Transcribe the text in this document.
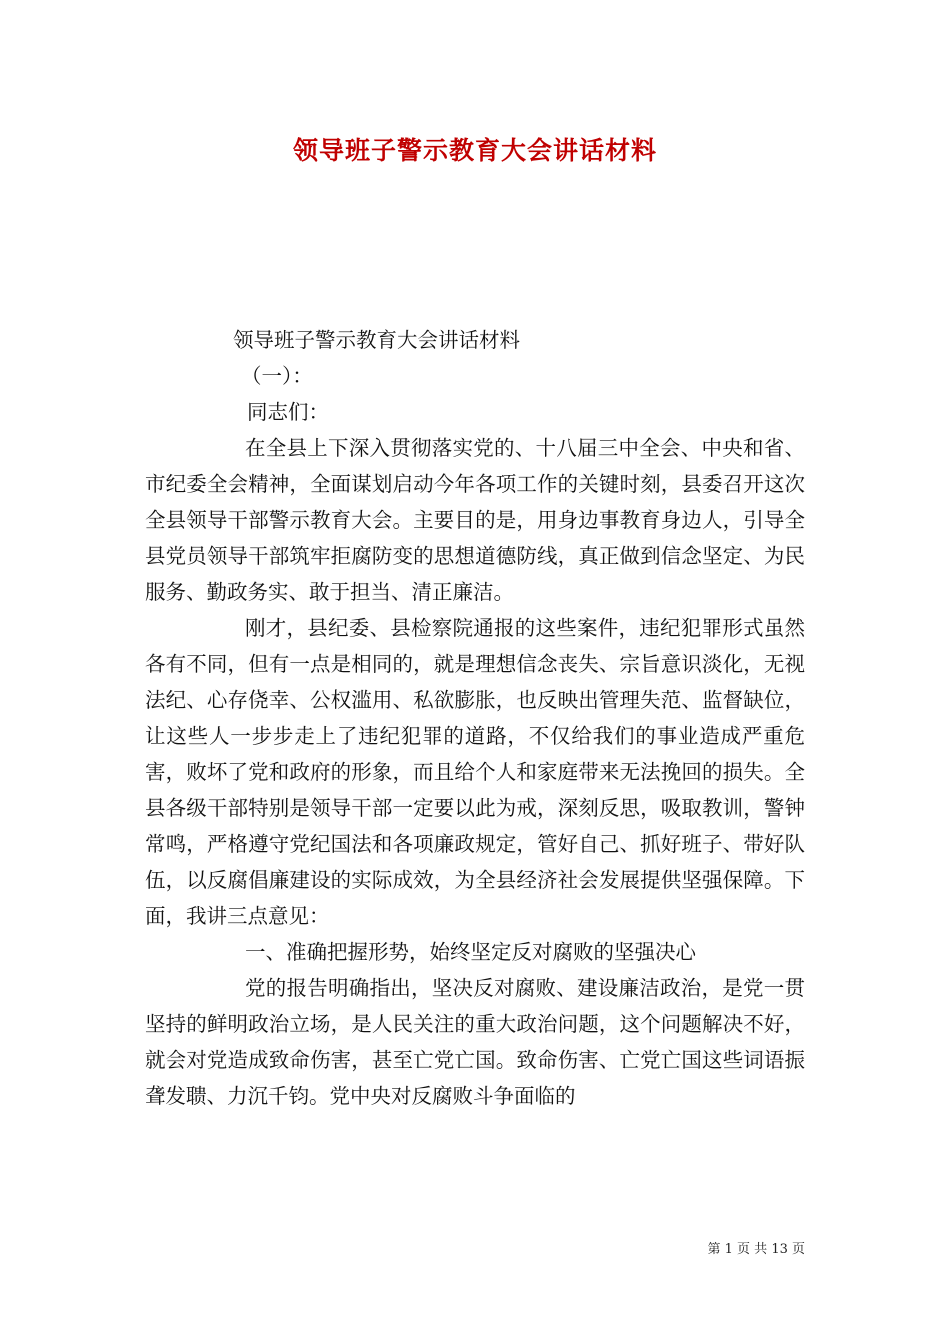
领导班子警示教育大会讲话材料

领导班子警示教育大会讲话材料

（一）：

同志们：

在全县上下深入贯彻落实党的、十八届三中全会、中央和省、市纪委全会精神，全面谋划启动今年各项工作的关键时刻，县委召开这次全县领导干部警示教育大会。主要目的是，用身边事教育身边人，引导全县党员领导干部筑牢拒腐防变的思想道德防线，真正做到信念坚定、为民服务、勤政务实、敢于担当、清正廉洁。

刚才，县纪委、县检察院通报的这些案件，违纪犯罪形式虽然各有不同，但有一点是相同的，就是理想信念丧失、宗旨意识淡化，无视法纪、心存侥幸、公权滥用、私欲膨胀，也反映出管理失范、监督缺位，让这些人一步步走上了违纪犯罪的道路，不仅给我们的事业造成严重危害，败坏了党和政府的形象，而且给个人和家庭带来无法挽回的损失。全县各级干部特别是领导干部一定要以此为戒，深刻反思，吸取教训，警钟常鸣，严格遵守党纪国法和各项廉政规定，管好自己、抓好班子、带好队伍，以反腐倡廉建设的实际成效，为全县经济社会发展提供坚强保障。下面，我讲三点意见：

一、准确把握形势，始终坚定反对腐败的坚强决心

党的报告明确指出，坚决反对腐败、建设廉洁政治，是党一贯坚持的鲜明政治立场，是人民关注的重大政治问题，这个问题解决不好，就会对党造成致命伤害，甚至亡党亡国。致命伤害、亡党亡国这些词语振聋发聩、力沉千钧。党中央对反腐败斗争面临的

第 1 页 共 13 页
